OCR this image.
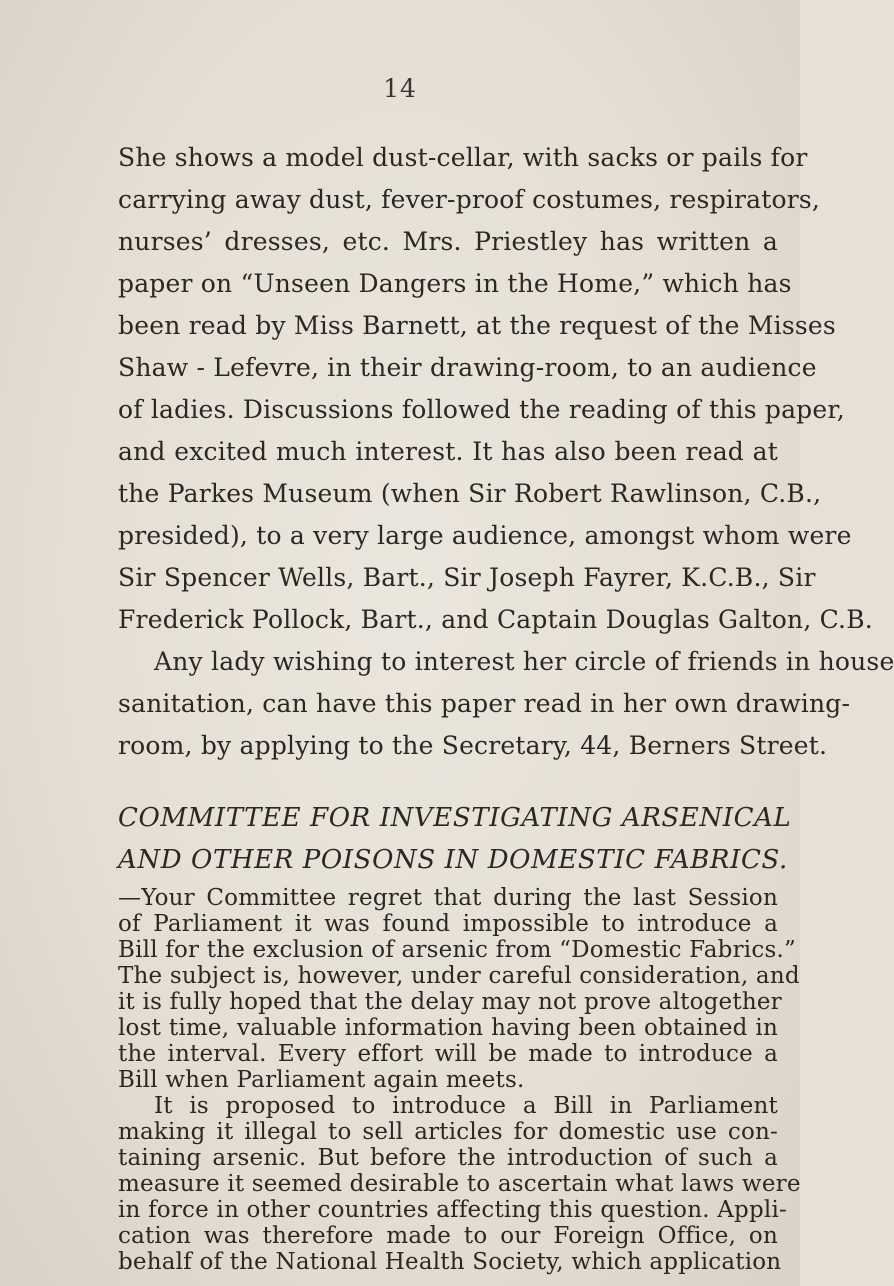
14
She shows a model dust-cellar, with sacks or pails for
carrying away dust, fever-proof costumes, respirators,
nurses’ dresses, etc. Mrs. Priestley has written a
paper on “Unseen Dangers in the Home,” which has
been read by Miss Barnett, at the request of the Misses
Shaw - Lefevre, in their drawing-room, to an audience
of ladies. Discussions followed the reading of this paper,
and excited much interest. It has also been read at
the Parkes Museum (when Sir Robert Rawlinson, C.B.,
presided), to a very large audience, amongst whom were
Sir Spencer Wells, Bart., Sir Joseph Fayrer, K.C.B., Sir
Frederick Pollock, Bart., and Captain Douglas Galton, C.B.
Any lady wishing to interest her circle of friends in house
sanitation, can have this paper read in her own drawing-
room, by applying to the Secretary, 44, Berners Street.
COMMITTEE FOR INVESTIGATING ARSENICAL
AND OTHER POISONS IN DOMESTIC FABRICS.
—Your Committee regret that during the last Session
of Parliament it was found impossible to introduce a
Bill for the exclusion of arsenic from “Domestic Fabrics.”
The subject is, however, under careful consideration, and
it is fully hoped that the delay may not prove altogether
lost time, valuable information having been obtained in
the interval. Every effort will be made to introduce a
Bill when Parliament again meets.
It is proposed to introduce a Bill in Parliament
making it illegal to sell articles for domestic use con-
taining arsenic. But before the introduction of such a
measure it seemed desirable to ascertain what laws were
in force in other countries affecting this question. Appli-
cation was therefore made to our Foreign Office, on
behalf of the National Health Society, which application
